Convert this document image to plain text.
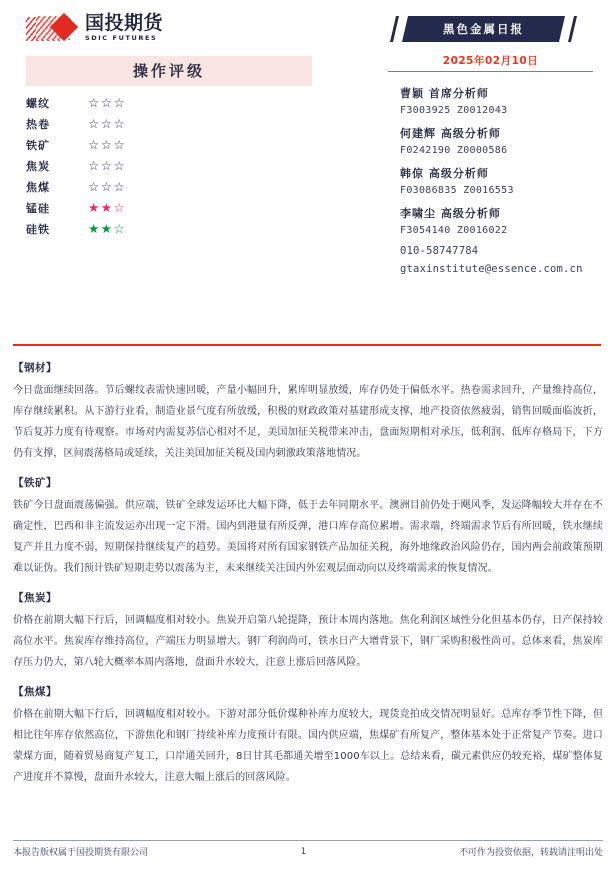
国投期货
SDIC FUTURES
操作评级
螺纹	☆☆☆
热卷	☆☆☆
铁矿	☆☆☆
焦炭	☆☆☆
焦煤	☆☆☆
锰硅	★★☆
硅铁	★★☆
黑色金属日报
2025年02月10日
曹颖 首席分析师
F3003925 Z0012043
何建辉 高级分析师
F0242190 Z0000586
韩倞 高级分析师
F03086835 Z0016553
李啸尘 高级分析师
F3054140 Z0016022
010-58747784
gtaxinstitute@essence.com.cn
【钢材】
今日盘面继续回落。节后螺纹表需快速回暖，产量小幅回升，累库明显放缓，库存仍处于偏低水平。热卷需求回升，产量维持高位，库存继续累积。从下游行业看，制造业景气度有所放缓，积极的财政政策对基建形成支撑，地产投资依然疲弱，销售回暖面临波折，节后复苏力度有待观察。市场对内需复苏信心相对不足，美国加征关税带来冲击，盘面短期相对承压，低利润、低库存格局下，下方仍有支撑，区间震荡格局或延续，关注美国加征关税及国内刺激政策落地情况。
【铁矿】
铁矿今日盘面震荡偏强。供应端，铁矿全球发运环比大幅下降，低于去年同期水平。澳洲目前仍处于飓风季，发运降幅较大并存在不确定性，巴西和非主流发运亦出现一定下滑。国内到港量有所反弹，港口库存高位累增。需求端，终端需求节后有所回暖，铁水继续复产并且力度不弱，短期保持继续复产的趋势。美国将对所有国家钢铁产品加征关税，海外地缘政治风险仍存，国内两会前政策预期难以证伪。我们预计铁矿短期走势以震荡为主，未来继续关注国内外宏观层面动向以及终端需求的恢复情况。
【焦炭】
价格在前期大幅下行后，回调幅度相对较小。焦炭开启第八轮提降，预计本周内落地。焦化利润区域性分化但基本仍存，日产保持较高位水平。焦炭库存维持高位，产端压力明显增大。钢厂利润尚可，铁水日产大增背景下，钢厂采购积极性尚可。总体来看，焦炭库存压力仍大，第八轮大概率本周内落地，盘面升水较大，注意上涨后回落风险。
【焦煤】
价格在前期大幅下行后，回调幅度相对较小。下游对部分低价煤种补库力度较大，现货竞拍成交情况明显好。总库存季节性下降，但相比往年库存依然高位，下游焦化和钢厂持续补库力度预计有限。国内供应端，焦煤矿有所复产，整体基本处于正常复产节奏。进口蒙煤方面，随着贸易商复产复工，口岸通关回升，8日甘其毛都通关增至1000车以上。总结来看，碳元素供应仍较充裕，煤矿整体复产进度并不算慢，盘面升水较大，注意大幅上涨后的回落风险。
本报告版权属于国投期货有限公司	1	不可作为投资依据，转载请注明出处
